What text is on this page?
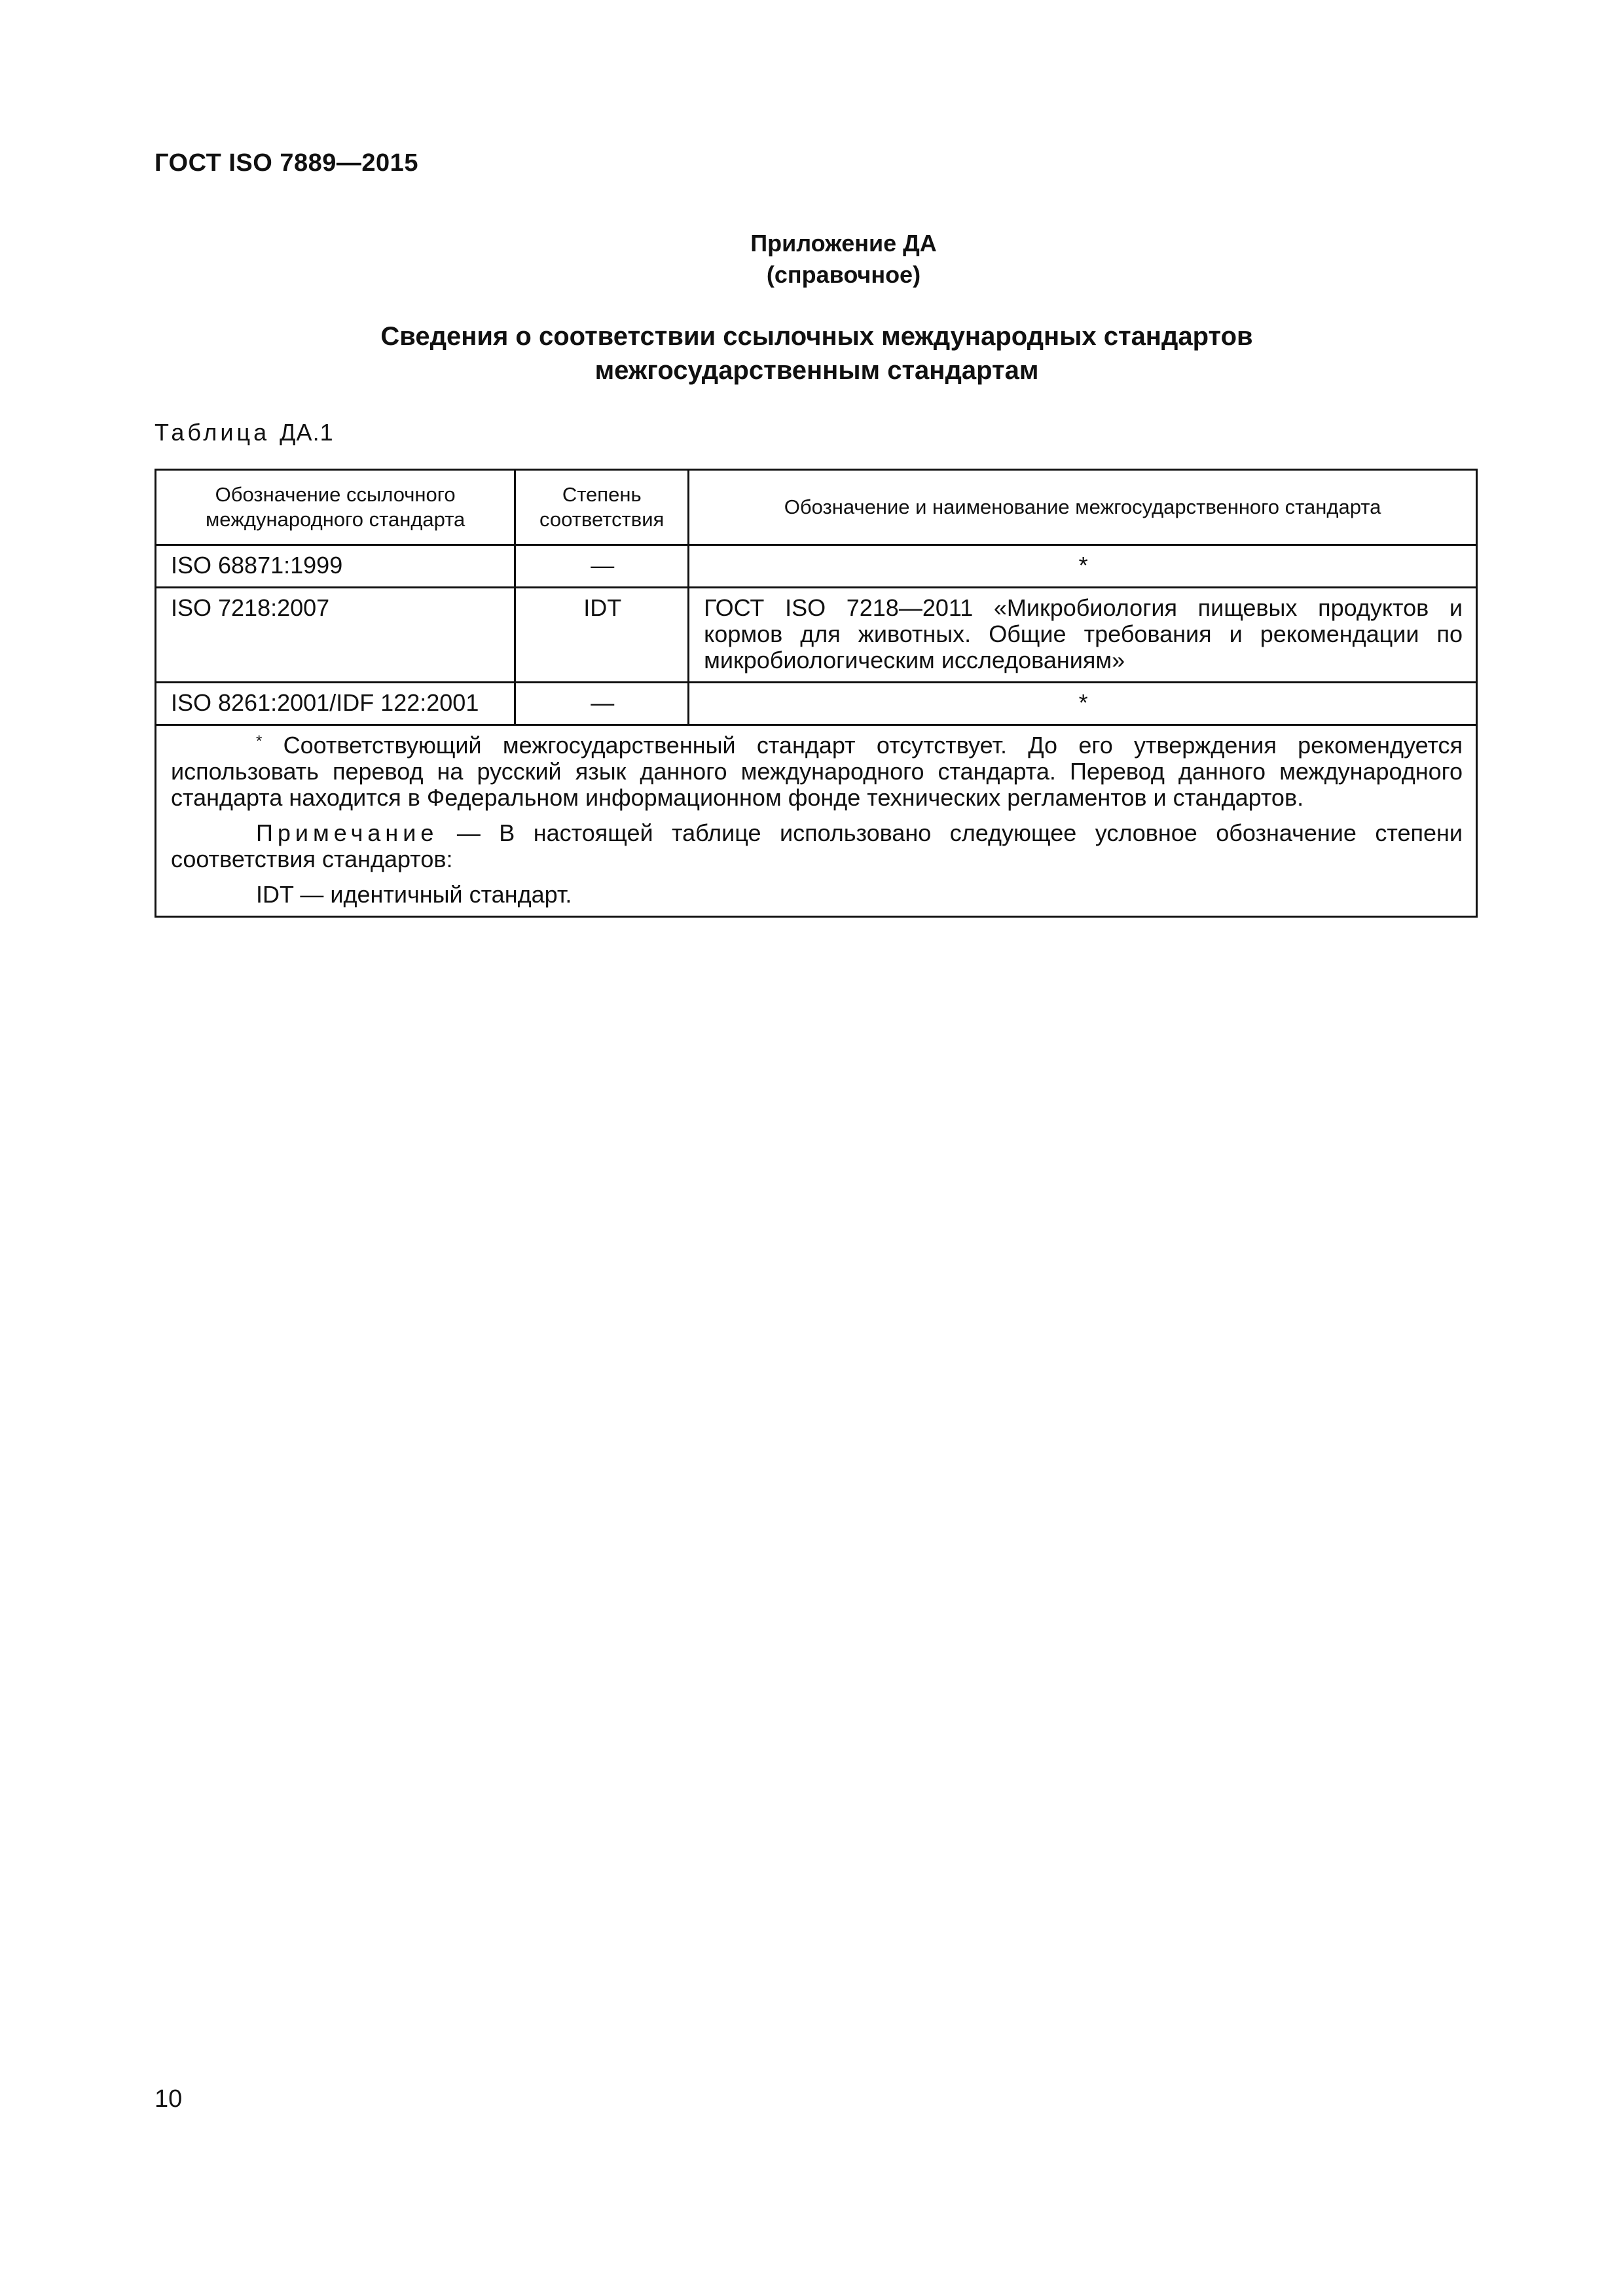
ГОСТ ISO 7889—2015
Приложение ДА
(справочное)
Сведения о соответствии ссылочных международных стандартов
межгосударственным стандартам
Таблица ДА.1
Обозначение ссылочного международного стандарта	Степень соответствия	Обозначение и наименование межгосударственного стандарта
ISO 68871:1999	—	*
ISO 7218:2007	IDT	ГОСТ ISO 7218—2011 «Микробиология пищевых продуктов и кормов для животных. Общие требования и рекомендации по микробиологическим исследованиям»
ISO 8261:2001/IDF 122:2001	—	*

* Соответствующий межгосударственный стандарт отсутствует. До его утверждения рекомендуется использовать перевод на русский язык данного международного стандарта. Перевод данного международного стандарта находится в Федеральном информационном фонде технических регламентов и стандартов.

Примечание — В настоящей таблице использовано следующее условное обозначение степени соответствия стандартов:

IDT — идентичный стандарт.		

10
